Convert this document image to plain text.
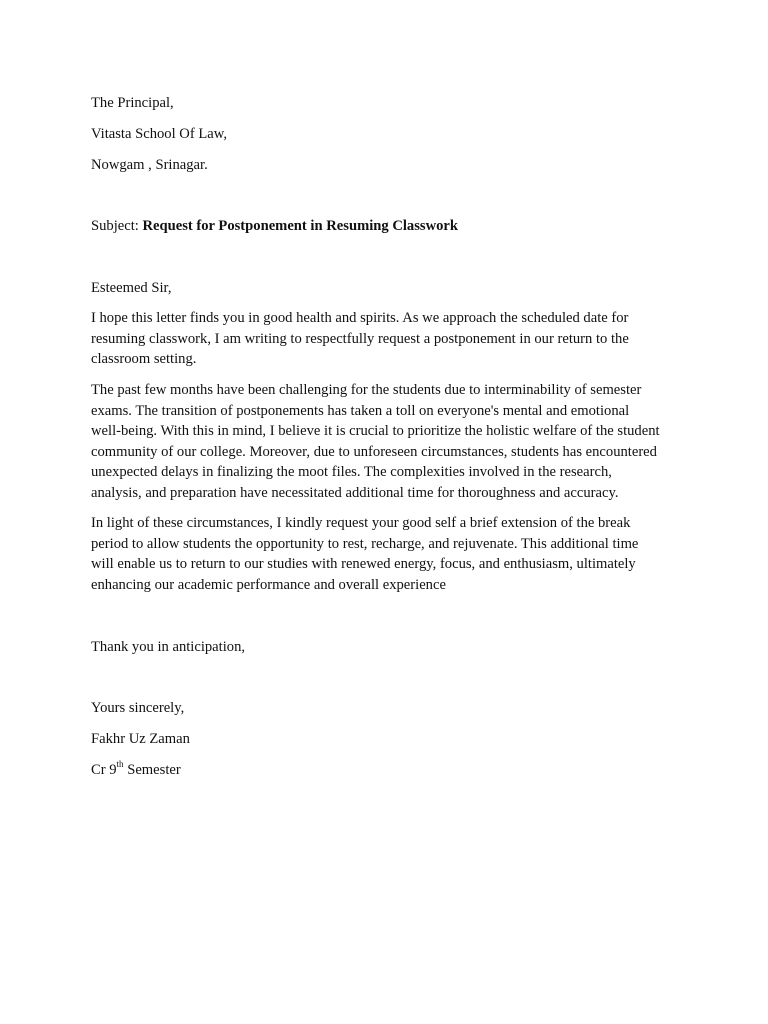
The Principal,

Vitasta School Of Law,

Nowgam , Srinagar.

Subject: Request for Postponement in Resuming Classwork

Esteemed Sir,

I hope this letter finds you in good health and spirits. As we approach the scheduled date for
resuming classwork, I am writing to respectfully request a postponement in our return to the
classroom setting.
The past few months have been challenging for the students due to interminability of semester
exams. The transition of postponements has taken a toll on everyone's mental and emotional
well-being. With this in mind, I believe it is crucial to prioritize the holistic welfare of the student
community of our college. Moreover, due to unforeseen circumstances, students has encountered
unexpected delays in finalizing the moot files. The complexities involved in the research,
analysis, and preparation have necessitated additional time for thoroughness and accuracy.
In light of these circumstances, I kindly request your good self a brief extension of the break
period to allow students the opportunity to rest, recharge, and rejuvenate. This additional time
will enable us to return to our studies with renewed energy, focus, and enthusiasm, ultimately
enhancing our academic performance and overall experience

Thank you in anticipation,

Yours sincerely,

Fakhr Uz Zaman

Cr 9th Semester
